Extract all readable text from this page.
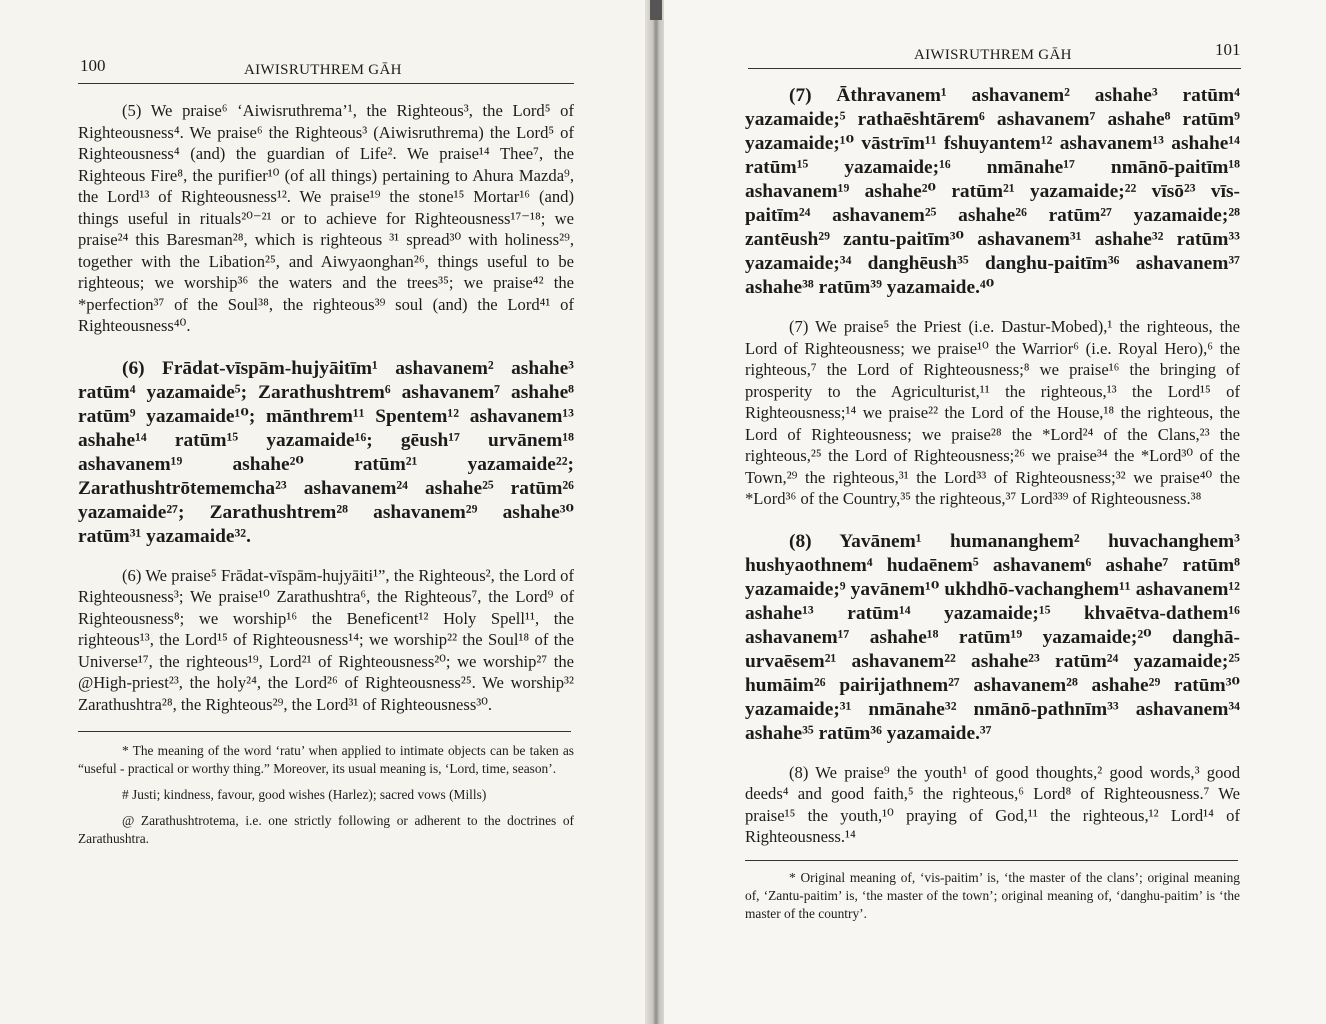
100	AIWISRUTHREM GĀH

(5) We praise⁶ ‘Aiwisruthrema’¹, the Righteous³, the Lord⁵ of Righteousness⁴. We praise⁶ the Righteous³ (Aiwisruthrema) the Lord⁵ of Righteousness⁴ (and) the guardian of Life². We praise¹⁴ Thee⁷, the Righteous Fire⁸, the purifier¹⁰ (of all things) pertaining to Ahura Mazda⁹, the Lord¹³ of Righteousness¹². We praise¹⁹ the stone¹⁵ Mortar¹⁶ (and) things useful in rituals²⁰⁻²¹ or to achieve for Righteousness¹⁷⁻¹⁸; we praise²⁴ this Baresman²⁸, which is righteous ³¹ spread³⁰ with holiness²⁹, together with the Libation²⁵, and Aiwyaonghan²⁶, things useful to be righteous; we worship³⁶ the waters and the trees³⁵; we praise⁴² the *perfection³⁷ of the Soul³⁸, the righteous³⁹ soul (and) the Lord⁴¹ of Righteousness⁴⁰.

(6) Frādat-vīspām-hujyāitīm¹ ashavanem² ashahe³ ratūm⁴ yazamaide⁵; Zarathushtrem⁶ ashavanem⁷ ashahe⁸ ratūm⁹ yazamaide¹⁰; mānthrem¹¹ Spentem¹² ashavanem¹³ ashahe¹⁴ ratūm¹⁵ yazamaide¹⁶; gēush¹⁷ urvānem¹⁸ ashavanem¹⁹ ashahe²⁰ ratūm²¹ yazamaide²²; Zarathushtrōtememcha²³ ashavanem²⁴ ashahe²⁵ ratūm²⁶ yazamaide²⁷; Zarathushtrem²⁸ ashavanem²⁹ ashahe³⁰ ratūm³¹ yazamaide³².

(6) We praise⁵ Frādat-vīspām-hujyāiti¹”, the Righteous², the Lord of Righteousness³; We praise¹⁰ Zarathushtra⁶, the Righteous⁷, the Lord⁹ of Righteousness⁸; we worship¹⁶ the Beneficent¹² Holy Spell¹¹, the righteous¹³, the Lord¹⁵ of Righteousness¹⁴; we worship²² the Soul¹⁸ of the Universe¹⁷, the righteous¹⁹, Lord²¹ of Righteousness²⁰; we worship²⁷ the @High-priest²³, the holy²⁴, the Lord²⁶ of Righteousness²⁵. We worship³² Zarathushtra²⁸, the Righteous²⁹, the Lord³¹ of Righteousness³⁰.

* The meaning of the word ‘ratu’ when applied to intimate objects can be taken as “useful - practical or worthy thing.” Moreover, its usual meaning is, ‘Lord, time, season’.

# Justi; kindness, favour, good wishes (Harlez); sacred vows (Mills)

@ Zarathushtrotema, i.e. one strictly following or adherent to the doctrines of Zarathushtra.

101
AIWISRUTHREM GĀH

(7) Āthravanem¹ ashavanem² ashahe³ ratūm⁴ yazamaide;⁵ rathaēshtārem⁶ ashavanem⁷ ashahe⁸ ratūm⁹ yazamaide;¹⁰ vāstrīm¹¹ fshuyantem¹² ashavanem¹³ ashahe¹⁴ ratūm¹⁵ yazamaide;¹⁶ nmānahe¹⁷ nmānō-paitīm¹⁸ ashavanem¹⁹ ashahe²⁰ ratūm²¹ yazamaide;²² vīsō²³ vīs-paitīm²⁴ ashavanem²⁵ ashahe²⁶ ratūm²⁷ yazamaide;²⁸ zantēush²⁹ zantu-paitīm³⁰ ashavanem³¹ ashahe³² ratūm³³ yazamaide;³⁴ danghēush³⁵ danghu-paitīm³⁶ ashavanem³⁷ ashahe³⁸ ratūm³⁹ yazamaide.⁴⁰

(7) We praise⁵ the Priest (i.e. Dastur-Mobed),¹ the righteous, the Lord of Righteousness; we praise¹⁰ the Warrior⁶ (i.e. Royal Hero),⁶ the righteous,⁷ the Lord of Righteousness;⁸ we praise¹⁶ the bringing of prosperity to the Agriculturist,¹¹ the righteous,¹³ the Lord¹⁵ of Righteousness;¹⁴ we praise²² the Lord of the House,¹⁸ the righteous, the Lord of Righteousness; we praise²⁸ the *Lord²⁴ of the Clans,²³ the righteous,²⁵ the Lord of Righteousness;²⁶ we praise³⁴ the *Lord³⁰ of the Town,²⁹ the righteous,³¹ the Lord³³ of Righteousness;³² we praise⁴⁰ the *Lord³⁶ of the Country,³⁵ the righteous,³⁷ Lord³³⁹ of Righteousness.³⁸

(8) Yavānem¹ humananghem² huvachanghem³ hushyaothnem⁴ hudaēnem⁵ ashavanem⁶ ashahe⁷ ratūm⁸ yazamaide;⁹ yavānem¹⁰ ukhdhō-vachanghem¹¹ ashavanem¹² ashahe¹³ ratūm¹⁴ yazamaide;¹⁵ khvaētva-dathem¹⁶ ashavanem¹⁷ ashahe¹⁸ ratūm¹⁹ yazamaide;²⁰ danghā-urvaēsem²¹ ashavanem²² ashahe²³ ratūm²⁴ yazamaide;²⁵ humāim²⁶ pairijathnem²⁷ ashavanem²⁸ ashahe²⁹ ratūm³⁰ yazamaide;³¹ nmānahe³² nmānō-pathnīm³³ ashavanem³⁴ ashahe³⁵ ratūm³⁶ yazamaide.³⁷

(8) We praise⁹ the youth¹ of good thoughts,² good words,³ good deeds⁴ and good faith,⁵ the righteous,⁶ Lord⁸ of Righteousness.⁷ We praise¹⁵ the youth,¹⁰ praying of God,¹¹ the righteous,¹² Lord¹⁴ of Righteousness.¹⁴

* Original meaning of, ‘vis-paitim’ is, ‘the master of the clans’; original meaning of, ‘Zantu-paitim’ is, ‘the master of the town’; original meaning of, ‘danghu-paitim’ is ‘the master of the country’.
